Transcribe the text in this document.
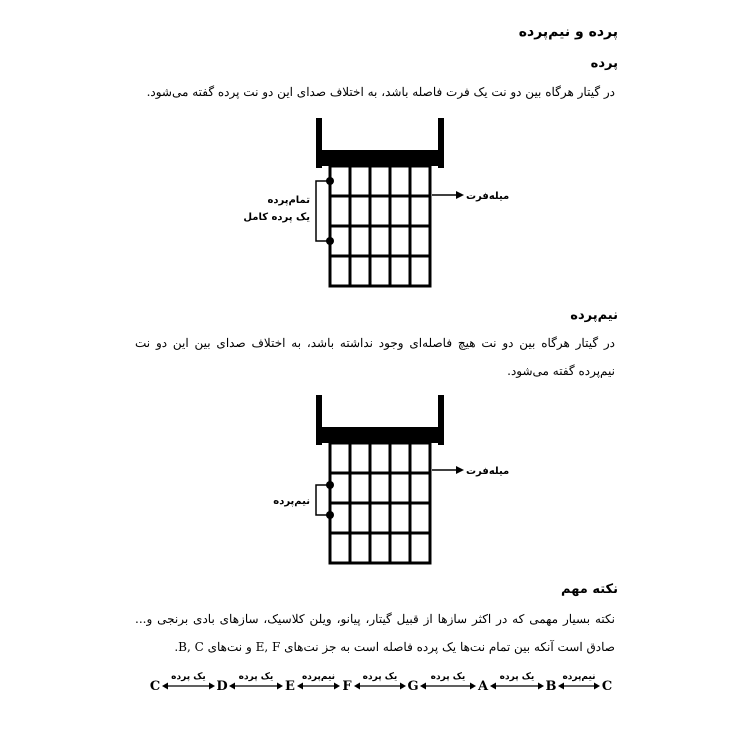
پرده و نیم‌پرده
پرده
در گیتار هرگاه بین دو نت یک فرت فاصله باشد، به اختلاف صدای این دو نت پرده گفته می‌شود.
میله‌فرت
تمام‌پرده
یک پرده کامل
نیم‌پرده
در گیتار هرگاه بین دو نت هیچ فاصله‌ای وجود نداشته باشد، به اختلاف صدای بین این دو نت نیم‌پرده گفته می‌شود.
میله‌فرت
نیم‌پرده
نکته مهم
نکته بسیار مهمی که در اکثر سازها از قبیل گیتار، پیانو، ویلن کلاسیک، سازهای بادی برنجی و... صادق است آنکه بین تمام نت‌ها یک پرده فاصله است به جز نت‌های E, F و نت‌های B, C.
C	D	E	F	G	A	B	C
یک پرده	یک پرده	نیم‌پرده	یک پرده	یک پرده	یک پرده	نیم‌پرده
